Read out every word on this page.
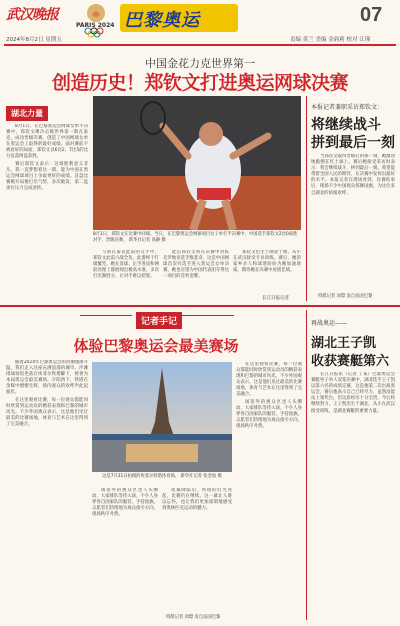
武汉晚报
PARIS 2024 巴黎奥运	07
2024年8月2日 星期五	责编 黄兰 美编 金韵莉 校对 江瑾
中国金花力克世界第一
创造历史！郑钦文打进奥运网球决赛
湖北力量

8月1日，在巴黎奥运会网球女单半决赛中，郑钦文爆冷击败世界第一斯瓦泰克，成功晋级决赛，创造了中国网球女单在奥运会上取得的最好成绩。面对赛前不被看好的局面，郑钦文以6比2、7比5的比分直落两盘获胜。

赛后郑钦文表示：这场胜利意义非凡，我一直梦想着这一刻，能为中国在奥运会网球项目上争取更好的成绩。首盘比赛她开局便打出气势，多次破发，第二盘顶住压力完成逆转。

8月1日，郑钦文在比赛中回球。当日，在巴黎奥运会网球项目女子单打半决赛中，中国选手郑钦文2比0战胜对手，晋级决赛。 新华社记者 高静 摄

与斯瓦泰克此前的交手中，郑钦文此前六战全负，此番终于打破魔咒。她在发球、正手进攻和网前处理上都展现出极高水准，多次打出制胜分，让对手难以招架。

此后郑钦文将在决赛中对阵克罗地亚选手维基奇。这是中国网球首次有选手进入奥运会女单决赛，她也有望为中国代表团夺得这一项目的首枚金牌。

郑钦文出生于湖北十堰，从小在武汉接受专业训练。赛后，她的家乡亲人和球迷纷纷为她加油助威，期待她在决赛中再创佳绩。

长江日报记者
本报记者兼职采访郑钦文：
将继续战斗
拼到最后一刻

当郑钦文取得晋级后的那一刻，她激动地跪倒在红土场上。赛后她接受采访时表示：我会继续战斗，拼到最后一刻。希望能带着全国人民的期待，在决赛中发挥出最好的水平。本报记者在现场看到，比赛结束后，现场不少中国观众挥舞国旗，为这位来自湖北的姑娘欢呼。

特派记者 刘璟 发自法国巴黎
记者手记
体验巴黎奥运会最美赛场

随着2024年巴黎奥运会的热潮逐渐升温，我们走入这座充满浪漫的城市。沙滩排球场馆坐落在埃菲尔铁塔脚下，被誉为本届奥运会最美赛场。夕阳西下，铁塔在余晖中熠熠生辉，场内观众的欢呼声此起彼伏。

在这里观看比赛，每一位观众都能同时欣赏到运动员的精彩表现和巴黎的城市风光。不少外国观众表示，这是他们见过最美的比赛场地，体育与艺术在这里得到了完美融合。

这是7月31日拍摄的埃菲尔铁塔体育场。 新华社记者 张金加 摄

场馆外的观众区也人头攒动，大家排队等待入场，不少人身穿各自国家队的服装，手持国旗。志愿者们热情地为观众指引方向，现场秩序井然。

夜幕降临后，铁塔的灯光亮起，比赛仍在继续。这一幕让人难以忘怀，也让我们更加深刻地感受到奥林匹克运动的魅力。

特派记者 刘璟 发自法国巴黎

在这里观看比赛，每一位观众都能同时欣赏到运动员的精彩表现和巴黎的城市风光。不少外国观众表示，这是他们见过最美的比赛场地，体育与艺术在这里得到了完美融合。

场馆外的观众区也人头攒动，大家排队等待入场，不少人身穿各自国家队的服装，手持国旗。志愿者们热情地为观众指引方向，现场秩序井然。

再战奥运——
湖北王子凯
收获赛艇第六

长江日报讯（记者 丁某）巴黎奥运会赛艇男子单人双桨决赛中，湖北选手王子凯以第六名的成绩完赛。这是他第二次出战奥运会，赛后他表示自己已经尽力，虽然没能站上领奖台，但这段经历十分宝贵，今后将继续努力。王子凯出生于湖北，从小在武汉接受训练，是湖北赛艇的重要力量。
